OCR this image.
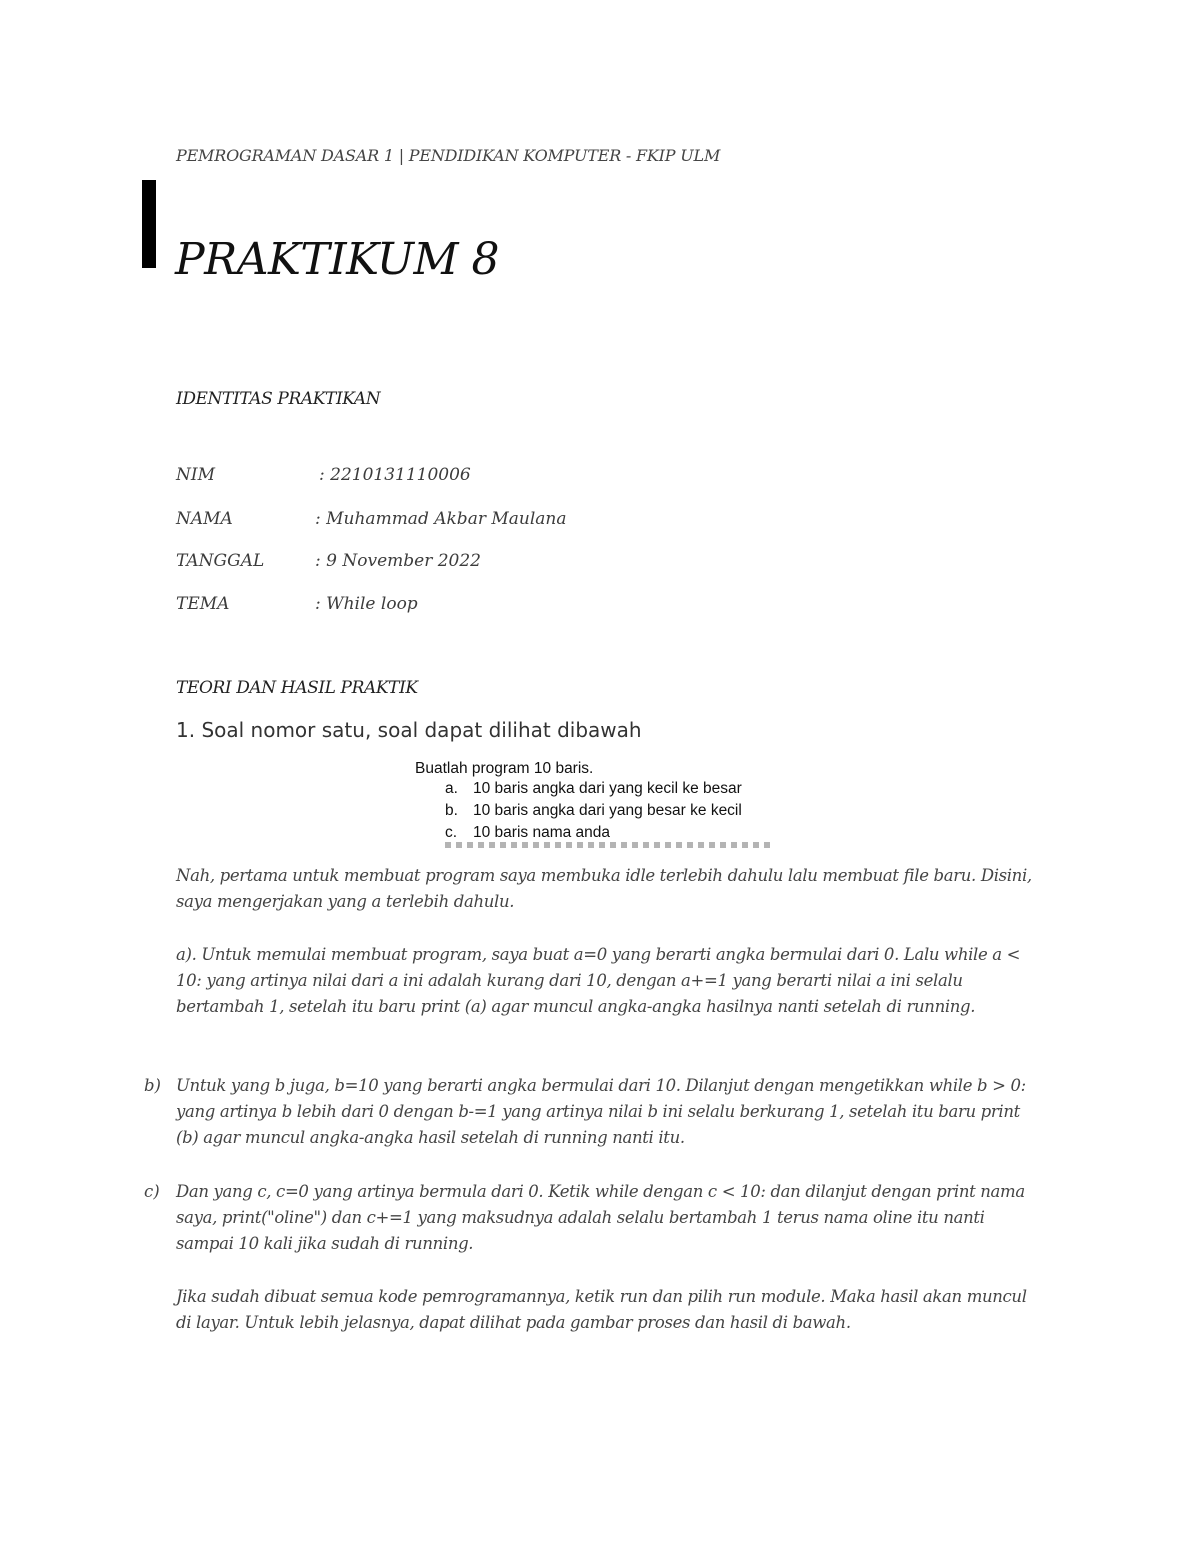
PEMROGRAMAN DASAR 1 | PENDIDIKAN KOMPUTER - FKIP ULM
PRAKTIKUM 8
IDENTITAS PRAKTIKAN
NIM	: 2210131110006
NAMA	: Muhammad Akbar Maulana
TANGGAL	: 9 November 2022
TEMA	: While loop
TEORI DAN HASIL PRAKTIK
1. Soal nomor satu, soal dapat dilihat dibawah
Buatlah program 10 baris.
a. 10 baris angka dari yang kecil ke besar
b. 10 baris angka dari yang besar ke kecil
c. 10 baris nama anda
Nah, pertama untuk membuat program saya membuka idle terlebih dahulu lalu membuat file baru. Disini, saya mengerjakan yang a terlebih dahulu.
a). Untuk memulai membuat program, saya buat a=0 yang berarti angka bermulai dari 0. Lalu while a < 10: yang artinya nilai dari a ini adalah kurang dari 10, dengan a+=1 yang berarti nilai a ini selalu bertambah 1, setelah itu baru print (a) agar muncul angka-angka hasilnya nanti setelah di running.
b) Untuk yang b juga, b=10 yang berarti angka bermulai dari 10. Dilanjut dengan mengetikkan while b > 0: yang artinya b lebih dari 0 dengan b-=1 yang artinya nilai b ini selalu berkurang 1, setelah itu baru print (b) agar muncul angka-angka hasil setelah di running nanti itu.
c) Dan yang c, c=0 yang artinya bermula dari 0. Ketik while dengan c < 10: dan dilanjut dengan print nama saya, print("oline") dan c+=1 yang maksudnya adalah selalu bertambah 1 terus nama oline itu nanti sampai 10 kali jika sudah di running.
Jika sudah dibuat semua kode pemrogramannya, ketik run dan pilih run module. Maka hasil akan muncul di layar. Untuk lebih jelasnya, dapat dilihat pada gambar proses dan hasil di bawah.
